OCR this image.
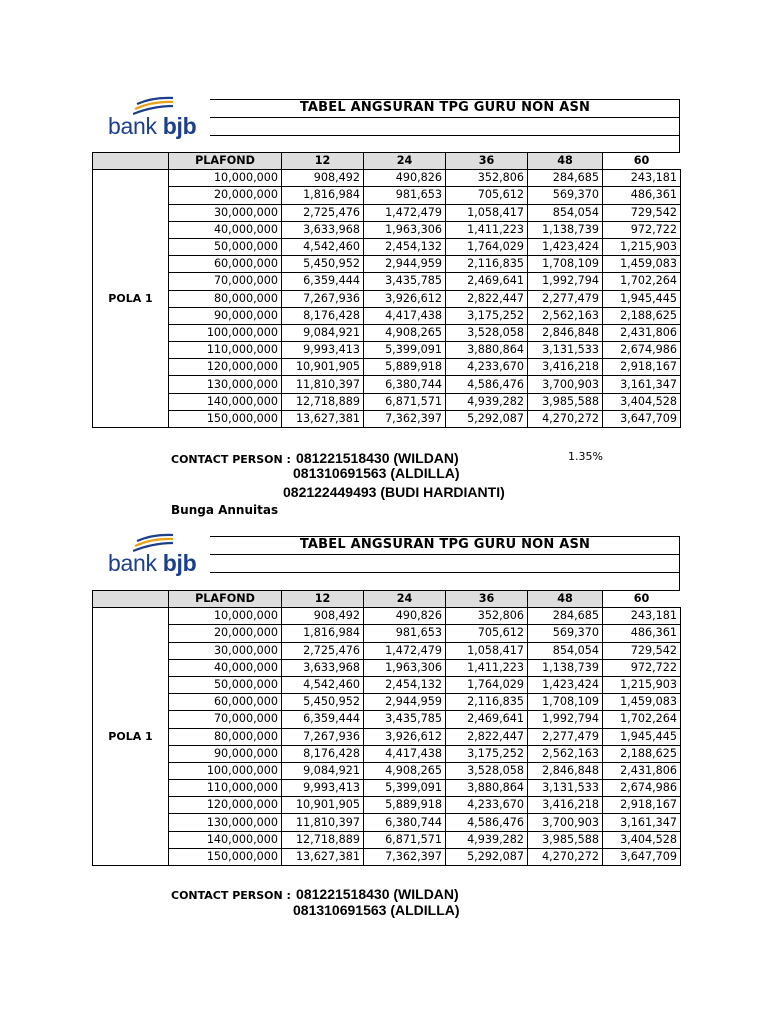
bank bjb
TABEL ANGSURAN TPG GURU NON ASN
	PLAFOND	12	24	36	48	60
POLA 1	10,000,000	908,492	490,826	352,806	284,685	243,181
	20,000,000	1,816,984	981,653	705,612	569,370	486,361
	30,000,000	2,725,476	1,472,479	1,058,417	854,054	729,542
	40,000,000	3,633,968	1,963,306	1,411,223	1,138,739	972,722
	50,000,000	4,542,460	2,454,132	1,764,029	1,423,424	1,215,903
	60,000,000	5,450,952	2,944,959	2,116,835	1,708,109	1,459,083
	70,000,000	6,359,444	3,435,785	2,469,641	1,992,794	1,702,264
	80,000,000	7,267,936	3,926,612	2,822,447	2,277,479	1,945,445
	90,000,000	8,176,428	4,417,438	3,175,252	2,562,163	2,188,625
	100,000,000	9,084,921	4,908,265	3,528,058	2,846,848	2,431,806
	110,000,000	9,993,413	5,399,091	3,880,864	3,131,533	2,674,986
	120,000,000	10,901,905	5,889,918	4,233,670	3,416,218	2,918,167
	130,000,000	11,810,397	6,380,744	4,586,476	3,700,903	3,161,347
	140,000,000	12,718,889	6,871,571	4,939,282	3,985,588	3,404,528
	150,000,000	13,627,381	7,362,397	5,292,087	4,270,272	3,647,709
CONTACT PERSON : 081221518430 (WILDAN)
081310691563 (ALDILLA)
082122449493 (BUDI HARDIANTI)
1.35%
Bunga Annuitas
bank bjb
TABEL ANGSURAN TPG GURU NON ASN
	PLAFOND	12	24	36	48	60
POLA 1	10,000,000	908,492	490,826	352,806	284,685	243,181
	20,000,000	1,816,984	981,653	705,612	569,370	486,361
	30,000,000	2,725,476	1,472,479	1,058,417	854,054	729,542
	40,000,000	3,633,968	1,963,306	1,411,223	1,138,739	972,722
	50,000,000	4,542,460	2,454,132	1,764,029	1,423,424	1,215,903
	60,000,000	5,450,952	2,944,959	2,116,835	1,708,109	1,459,083
	70,000,000	6,359,444	3,435,785	2,469,641	1,992,794	1,702,264
	80,000,000	7,267,936	3,926,612	2,822,447	2,277,479	1,945,445
	90,000,000	8,176,428	4,417,438	3,175,252	2,562,163	2,188,625
	100,000,000	9,084,921	4,908,265	3,528,058	2,846,848	2,431,806
	110,000,000	9,993,413	5,399,091	3,880,864	3,131,533	2,674,986
	120,000,000	10,901,905	5,889,918	4,233,670	3,416,218	2,918,167
	130,000,000	11,810,397	6,380,744	4,586,476	3,700,903	3,161,347
	140,000,000	12,718,889	6,871,571	4,939,282	3,985,588	3,404,528
	150,000,000	13,627,381	7,362,397	5,292,087	4,270,272	3,647,709
CONTACT PERSON : 081221518430 (WILDAN)
081310691563 (ALDILLA)
